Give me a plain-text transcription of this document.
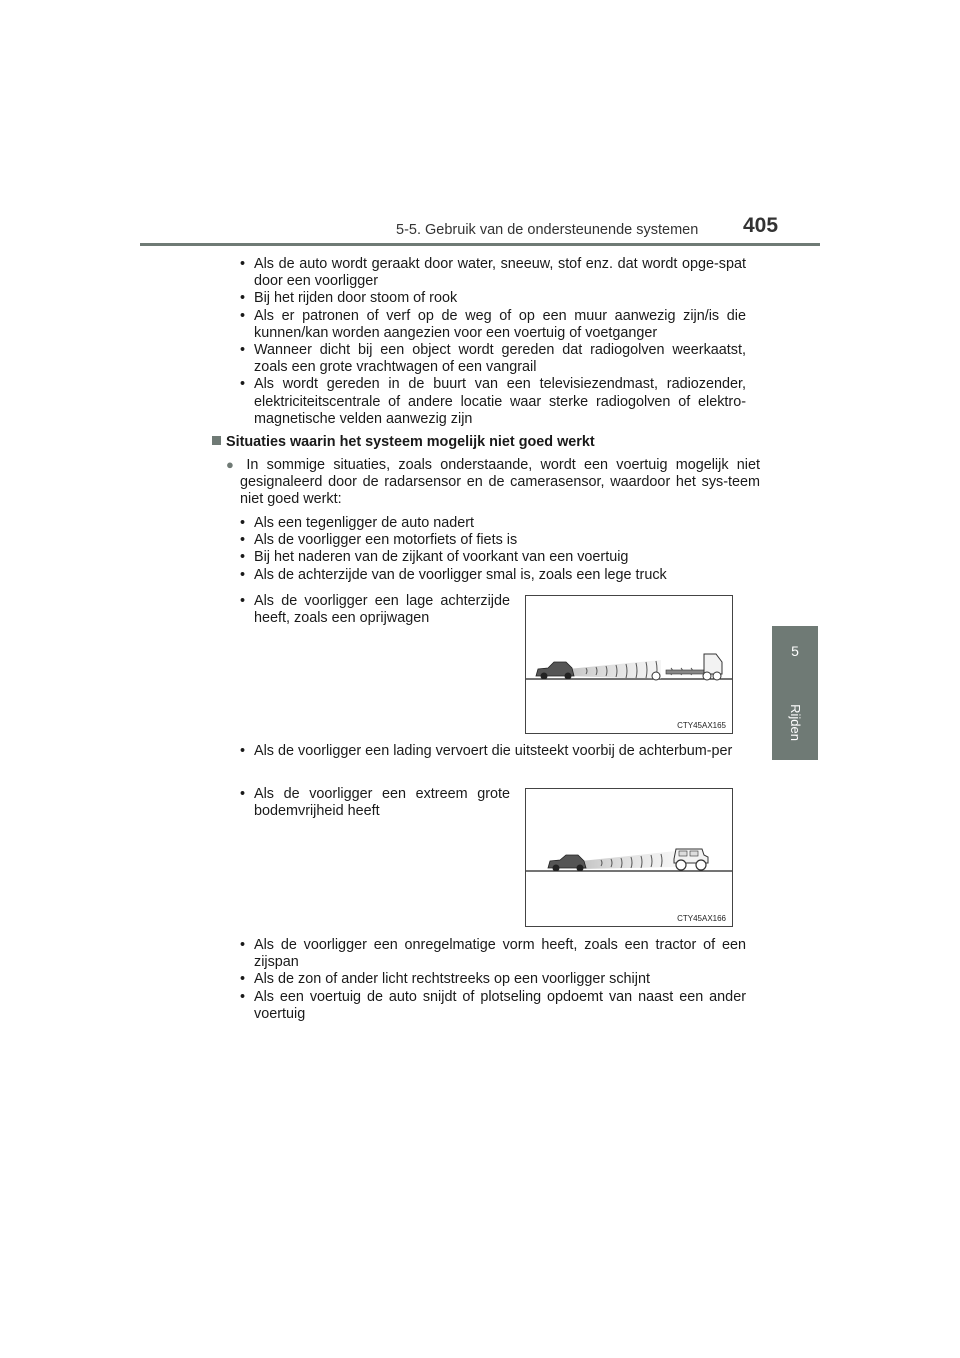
5-5. Gebruik van de ondersteunende systemen 405
5
Rijden
• Als de auto wordt geraakt door water, sneeuw, stof enz. dat wordt opge-spat door een voorligger
• Bij het rijden door stoom of rook
• Als er patronen of verf op de weg of op een muur aanwezig zijn/is die kunnen/kan worden aangezien voor een voertuig of voetganger
• Wanneer dicht bij een object wordt gereden dat radiogolven weerkaatst, zoals een grote vrachtwagen of een vangrail
• Als wordt gereden in de buurt van een televisiezendmast, radiozender, elektriciteitscentrale of andere locatie waar sterke radiogolven of elektro-magnetische velden aanwezig zijn
Situaties waarin het systeem mogelijk niet goed werkt
● In sommige situaties, zoals onderstaande, wordt een voertuig mogelijk niet gesignaleerd door de radarsensor en de camerasensor, waardoor het sys-teem niet goed werkt:
• Als een tegenligger de auto nadert
• Als de voorligger een motorfiets of fiets is
• Bij het naderen van de zijkant of voorkant van een voertuig
• Als de achterzijde van de voorligger smal is, zoals een lege truck
• Als de voorligger een lage achterzijde heeft, zoals een oprijwagen
CTY45AX165
• Als de voorligger een lading vervoert die uitsteekt voorbij de achterbum-per
• Als de voorligger een extreem grote bodemvrijheid heeft
CTY45AX166
• Als de voorligger een onregelmatige vorm heeft, zoals een tractor of een zijspan
• Als de zon of ander licht rechtstreeks op een voorligger schijnt
• Als een voertuig de auto snijdt of plotseling opdoemt van naast een ander voertuig
